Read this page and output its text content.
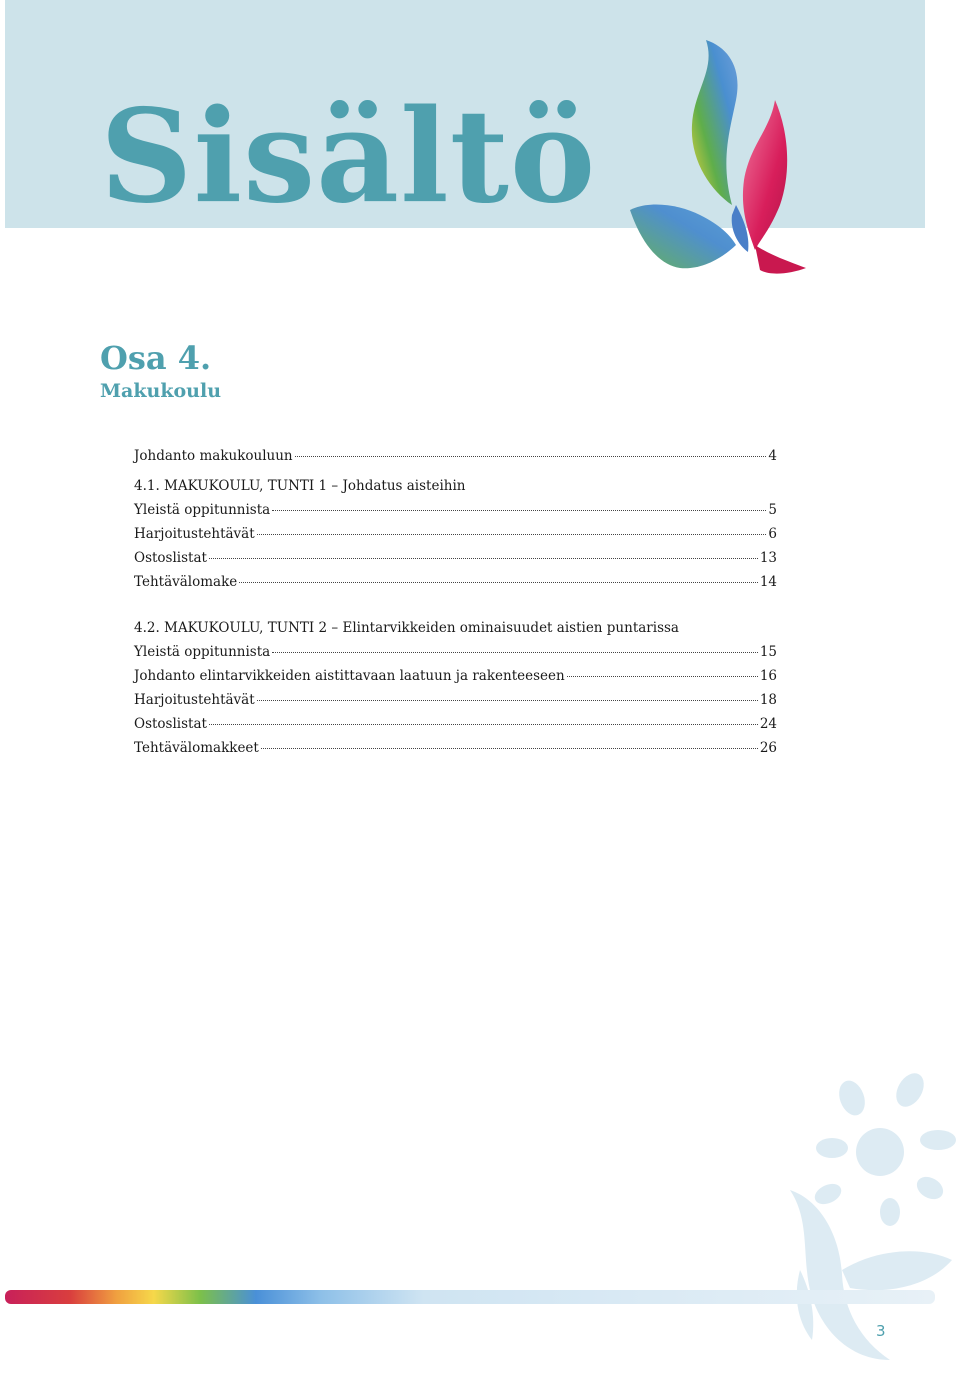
Sisältö
Osa 4.
Makukoulu
Johdanto makukouluun	4
4.1. MAKUKOULU, TUNTI 1 – Johdatus aisteihin
Yleistä oppitunnista	5
Harjoitustehtävät	6
Ostoslistat	13
Tehtävälomake	14
4.2. MAKUKOULU, TUNTI 2 – Elintarvikkeiden ominaisuudet aistien puntarissa
Yleistä oppitunnista	15
Johdanto elintarvikkeiden aistittavaan laatuun ja rakenteeseen	16
Harjoitustehtävät	18
Ostoslistat	24
Tehtävälomakkeet	26
3
